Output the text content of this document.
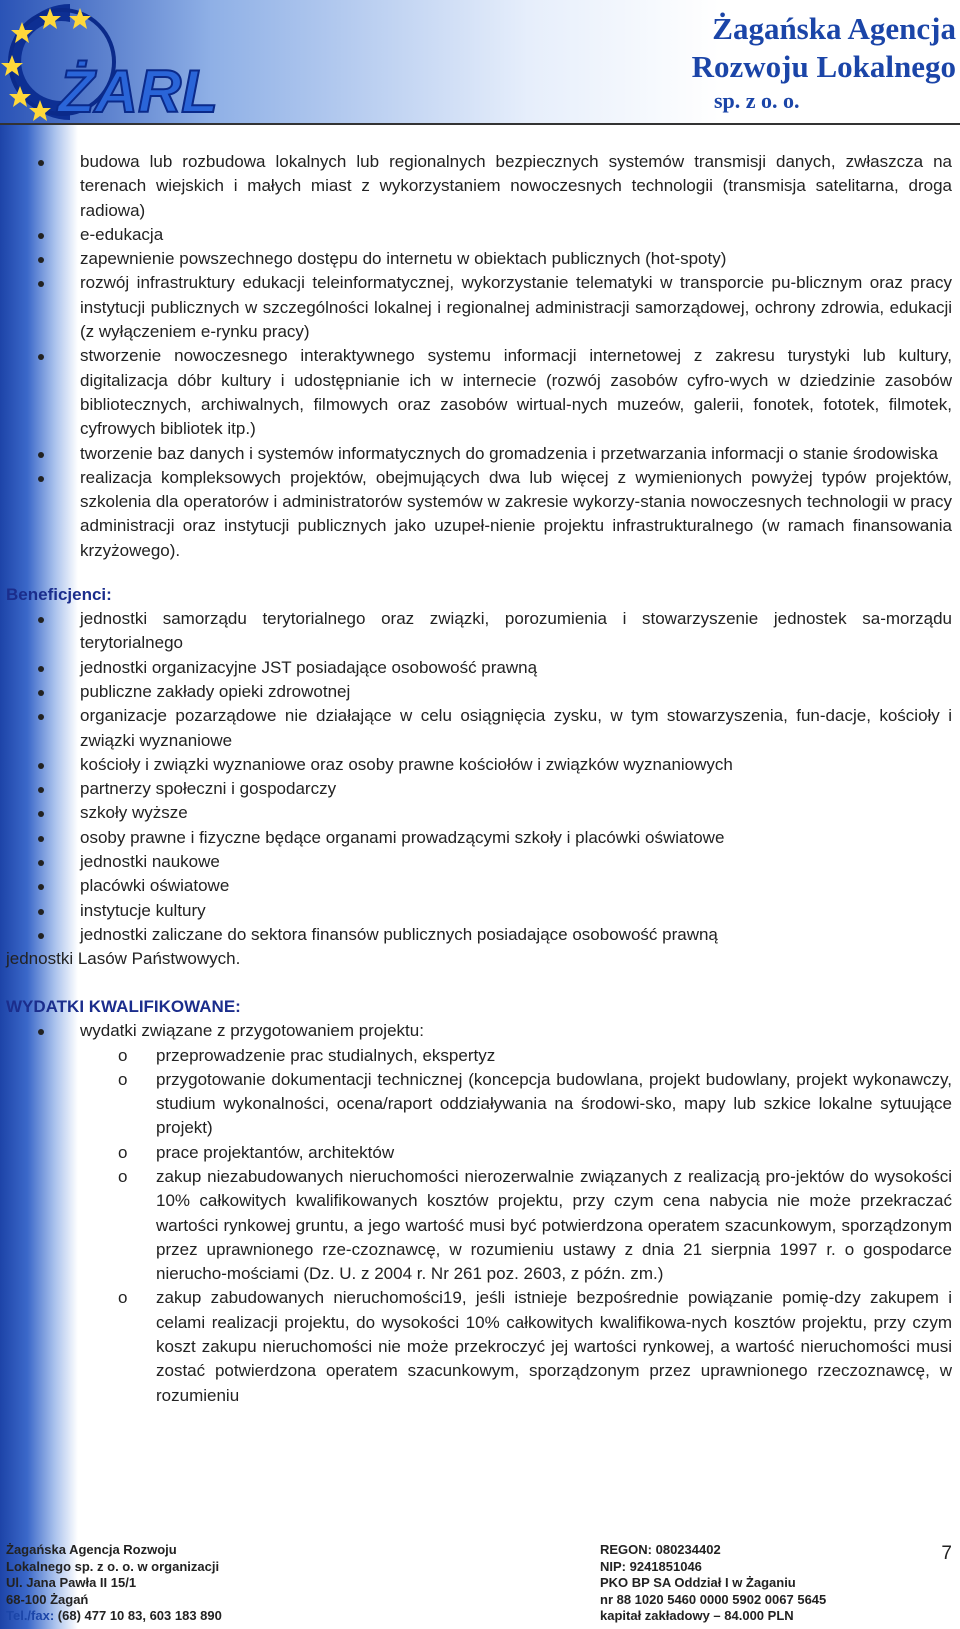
ŻARL
Żagańska Agencja
Rozwoju Lokalnego
sp. z o. o.
budowa lub rozbudowa lokalnych lub regionalnych bezpiecznych systemów transmisji danych, zwłaszcza na terenach wiejskich i małych miast z wykorzystaniem nowoczesnych technologii (transmisja satelitarna, droga radiowa)
e-edukacja
zapewnienie powszechnego dostępu do internetu w obiektach publicznych (hot-spoty)
rozwój infrastruktury edukacji teleinformatycznej, wykorzystanie telematyki w transporcie pu-blicznym oraz pracy instytucji publicznych w szczególności lokalnej i regionalnej administracji samorządowej, ochrony zdrowia, edukacji (z wyłączeniem e-rynku pracy)
stworzenie nowoczesnego interaktywnego systemu informacji internetowej z zakresu turystyki lub kultury, digitalizacja dóbr kultury i udostępnianie ich w internecie (rozwój zasobów cyfro-wych w dziedzinie zasobów bibliotecznych, archiwalnych, filmowych oraz zasobów wirtual-nych muzeów, galerii, fonotek, fototek, filmotek, cyfrowych bibliotek itp.)
tworzenie baz danych i systemów informatycznych do gromadzenia i przetwarzania informacji o stanie środowiska
realizacja kompleksowych projektów, obejmujących dwa lub więcej z wymienionych powyżej typów projektów, szkolenia dla operatorów i administratorów systemów w zakresie wykorzy-stania nowoczesnych technologii w pracy administracji oraz instytucji publicznych jako uzupeł-nienie projektu infrastrukturalnego (w ramach finansowania krzyżowego).
Beneficjenci:
jednostki samorządu terytorialnego oraz związki, porozumienia i stowarzyszenie jednostek sa-morządu terytorialnego
jednostki organizacyjne JST posiadające osobowość prawną
publiczne zakłady opieki zdrowotnej
organizacje pozarządowe nie działające w celu osiągnięcia zysku, w tym stowarzyszenia, fun-dacje, kościoły i związki wyznaniowe
kościoły i związki wyznaniowe oraz osoby prawne kościołów i związków wyznaniowych
partnerzy społeczni i gospodarczy
szkoły wyższe
osoby prawne i fizyczne będące organami prowadzącymi szkoły i placówki oświatowe
jednostki naukowe
placówki oświatowe
instytucje kultury
jednostki zaliczane do sektora finansów publicznych posiadające osobowość prawną
jednostki Lasów Państwowych.
WYDATKI KWALIFIKOWANE:
wydatki związane z przygotowaniem projektu:
o przeprowadzenie prac studialnych, ekspertyz
o przygotowanie dokumentacji technicznej (koncepcja budowlana, projekt budowlany, projekt wykonawczy, studium wykonalności, ocena/raport oddziaływania na środowi-sko, mapy lub szkice lokalne sytuujące projekt)
o prace projektantów, architektów
o zakup niezabudowanych nieruchomości nierozerwalnie związanych z realizacją pro-jektów do wysokości 10% całkowitych kwalifikowanych kosztów projektu, przy czym cena nabycia nie może przekraczać wartości rynkowej gruntu, a jego wartość musi być potwierdzona operatem szacunkowym, sporządzonym przez uprawnionego rze-czoznawcę, w rozumieniu ustawy z dnia 21 sierpnia 1997 r. o gospodarce nierucho-mościami (Dz. U. z 2004 r. Nr 261 poz. 2603, z późn. zm.)
o zakup zabudowanych nieruchomości19, jeśli istnieje bezpośrednie powiązanie pomię-dzy zakupem i celami realizacji projektu, do wysokości 10% całkowitych kwalifikowa-nych kosztów projektu, przy czym koszt zakupu nieruchomości nie może przekroczyć jej wartości rynkowej, a wartość nieruchomości musi zostać potwierdzona operatem szacunkowym, sporządzonym przez uprawnionego rzeczoznawcę, w rozumieniu
Żagańska Agencja Rozwoju
Lokalnego sp. z o. o. w organizacji
Ul. Jana Pawła II 15/1
68-100 Żagań
Tel./fax: (68) 477 10 83, 603 183 890
REGON: 080234402
NIP: 9241851046
PKO BP SA Oddział I w Żaganiu
nr 88 1020 5460 0000 5902 0067 5645
kapitał zakładowy – 84.000 PLN
7
